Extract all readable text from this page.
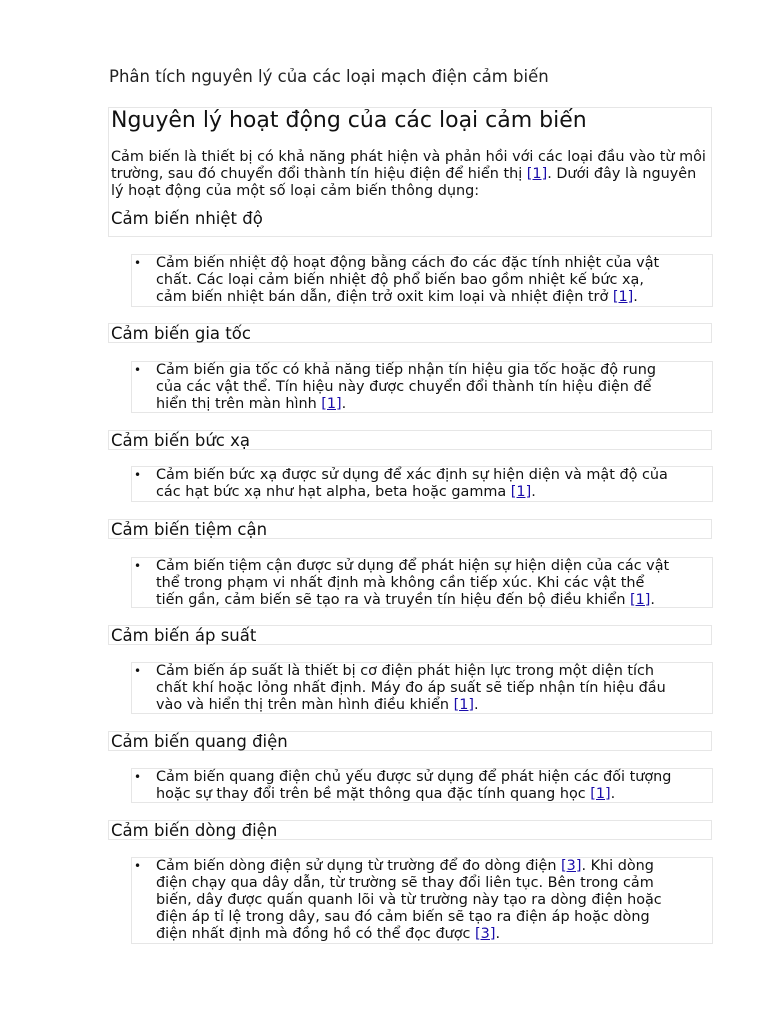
Phân tích nguyên lý của các loại mạch điện cảm biến
Nguyên lý hoạt động của các loại cảm biến

Cảm biến là thiết bị có khả năng phát hiện và phản hồi với các loại đầu vào từ môi trường, sau đó chuyển đổi thành tín hiệu điện để hiển thị [1]. Dưới đây là nguyên lý hoạt động của một số loại cảm biến thông dụng:

Cảm biến nhiệt độ

• Cảm biến nhiệt độ hoạt động bằng cách đo các đặc tính nhiệt của vật
chất. Các loại cảm biến nhiệt độ phổ biến bao gồm nhiệt kế bức xạ,
cảm biến nhiệt bán dẫn, điện trở oxit kim loại và nhiệt điện trở [1].

Cảm biến gia tốc

• Cảm biến gia tốc có khả năng tiếp nhận tín hiệu gia tốc hoặc độ rung
của các vật thể. Tín hiệu này được chuyển đổi thành tín hiệu điện để
hiển thị trên màn hình [1].

Cảm biến bức xạ

• Cảm biến bức xạ được sử dụng để xác định sự hiện diện và mật độ của
các hạt bức xạ như hạt alpha, beta hoặc gamma [1].

Cảm biến tiệm cận

• Cảm biến tiệm cận được sử dụng để phát hiện sự hiện diện của các vật
thể trong phạm vi nhất định mà không cần tiếp xúc. Khi các vật thể
tiến gần, cảm biến sẽ tạo ra và truyền tín hiệu đến bộ điều khiển [1].

Cảm biến áp suất

• Cảm biến áp suất là thiết bị cơ điện phát hiện lực trong một diện tích
chất khí hoặc lỏng nhất định. Máy đo áp suất sẽ tiếp nhận tín hiệu đầu
vào và hiển thị trên màn hình điều khiển [1].

Cảm biến quang điện

• Cảm biến quang điện chủ yếu được sử dụng để phát hiện các đối tượng
hoặc sự thay đổi trên bề mặt thông qua đặc tính quang học [1].

Cảm biến dòng điện

• Cảm biến dòng điện sử dụng từ trường để đo dòng điện [3]. Khi dòng
điện chạy qua dây dẫn, từ trường sẽ thay đổi liên tục. Bên trong cảm
biến, dây được quấn quanh lõi và từ trường này tạo ra dòng điện hoặc
điện áp tỉ lệ trong dây, sau đó cảm biến sẽ tạo ra điện áp hoặc dòng
điện nhất định mà đồng hồ có thể đọc được [3].
